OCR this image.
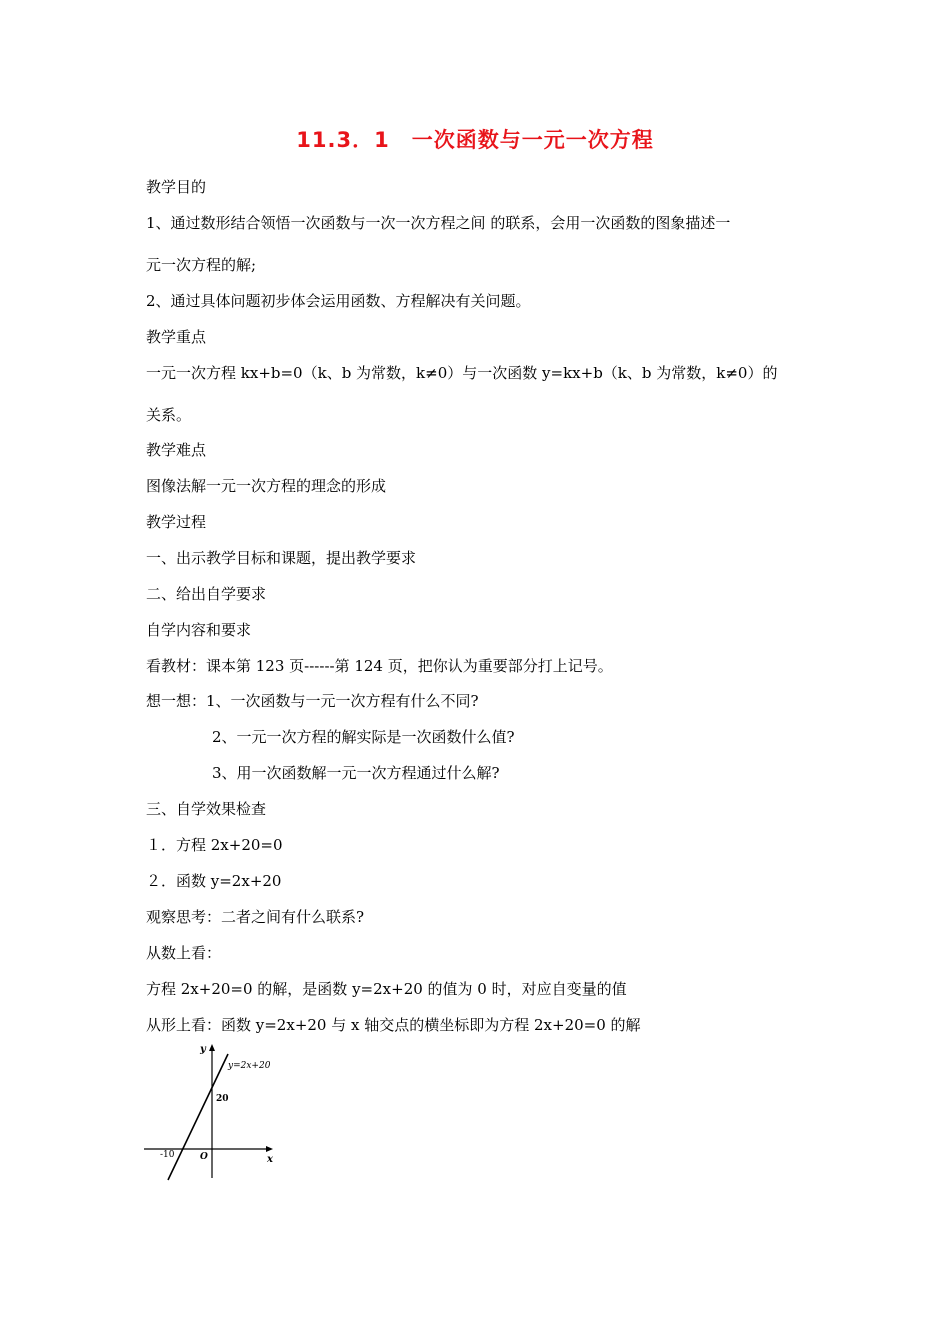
11.3．1　一次函数与一元一次方程
教学目的
1、通过数形结合领悟一次函数与一次一次方程之间 的联系，会用一次函数的图象描述一
元一次方程的解;
2、通过具体问题初步体会运用函数、方程解决有关问题。
教学重点
一元一次方程 kx+b=0（k、b 为常数，k≠0）与一次函数 y=kx+b（k、b 为常数，k≠0）的
关系。
教学难点
图像法解一元一次方程的理念的形成
教学过程
一、出示教学目标和课题，提出教学要求
二、给出自学要求
自学内容和要求
看教材：课本第 123 页------第 124 页，把你认为重要部分打上记号。
想一想：1、一次函数与一元一次方程有什么不同?
2、一元一次方程的解实际是一次函数什么值?
3、用一次函数解一元一次方程通过什么解?
三、自学效果检查
１．方程 2x+20=0
２．函数 y=2x+20
观察思考：二者之间有什么联系?
从数上看：
方程 2x+20=0 的解，是函数 y=2x+20 的值为 0 时，对应自变量的值
从形上看：函数 y=2x+20 与 x 轴交点的横坐标即为方程 2x+20=0 的解
y
y=2x+20
20
-10	O	x
